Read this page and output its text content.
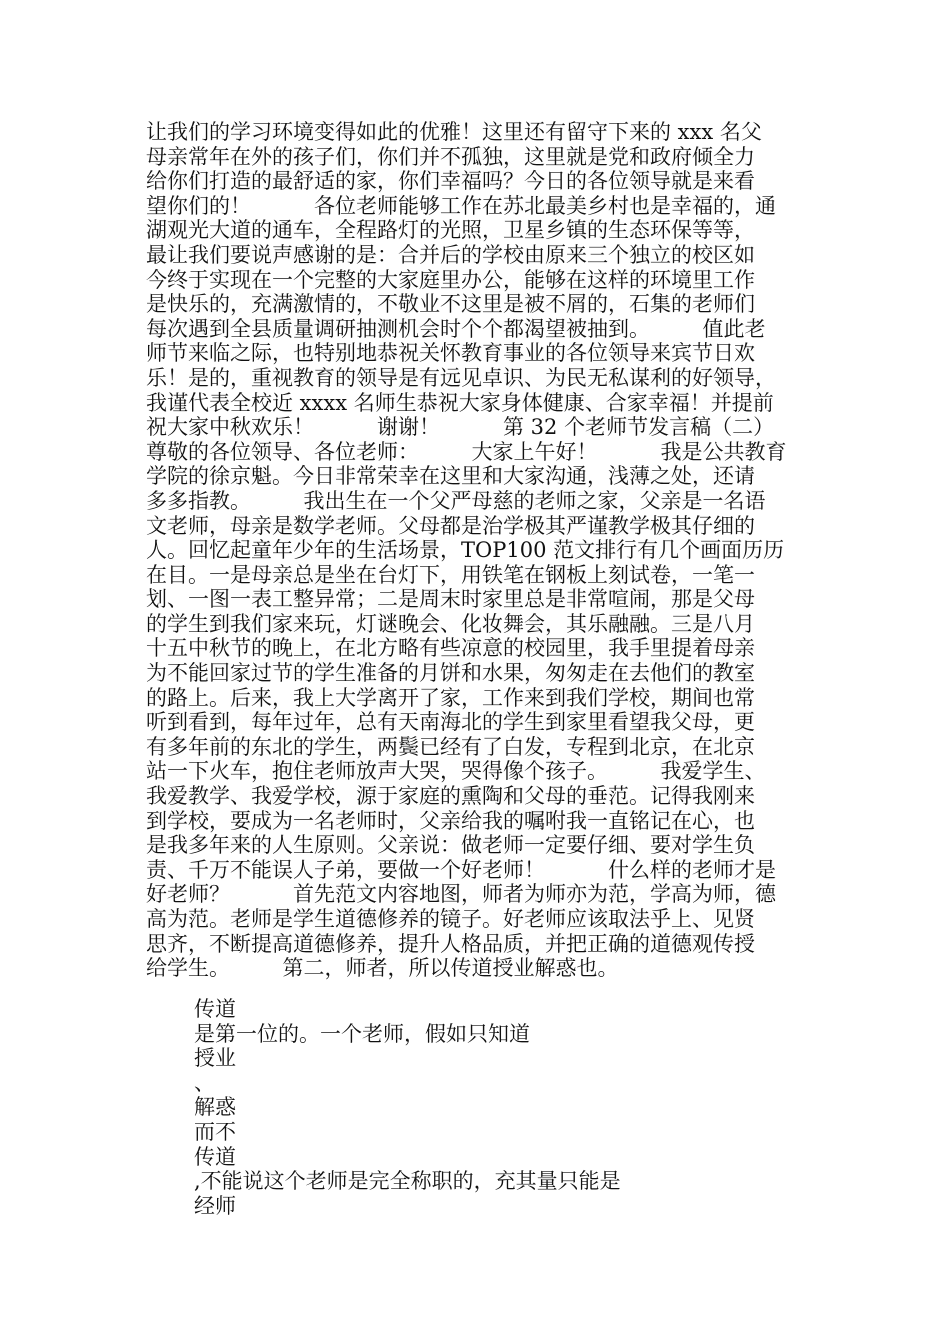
让我们的学习环境变得如此的优雅！这里还有留守下来的 xxx 名父
母亲常年在外的孩子们，你们并不孤独，这里就是党和政府倾全力
给你们打造的最舒适的家，你们幸福吗？今日的各位领导就是来看
望你们的！　　　各位老师能够工作在苏北最美乡村也是幸福的，通
湖观光大道的通车，全程路灯的光照，卫星乡镇的生态环保等等，
最让我们要说声感谢的是：合并后的学校由原来三个独立的校区如
今终于实现在一个完整的大家庭里办公，能够在这样的环境里工作
是快乐的，充满激情的，不敬业不这里是被不屑的，石集的老师们
每次遇到全县质量调研抽测机会时个个都渴望被抽到。　　　值此老
师节来临之际，也特别地恭祝关怀教育事业的各位领导来宾节日欢
乐！是的，重视教育的领导是有远见卓识、为民无私谋利的好领导，
我谨代表全校近 xxxx 名师生恭祝大家身体健康、合家幸福！并提前
祝大家中秋欢乐！　　　谢谢！　　　第 32 个老师节发言稿（二）
尊敬的各位领导、各位老师：　　　大家上午好！　　　我是公共教育
学院的徐京魁。今日非常荣幸在这里和大家沟通，浅薄之处，还请
多多指教。　　　我出生在一个父严母慈的老师之家，父亲是一名语
文老师，母亲是数学老师。父母都是治学极其严谨教学极其仔细的
人。回忆起童年少年的生活场景，TOP100 范文排行有几个画面历历
在目。一是母亲总是坐在台灯下，用铁笔在钢板上刻试卷，一笔一
划、一图一表工整异常；二是周末时家里总是非常喧闹，那是父母
的学生到我们家来玩，灯谜晚会、化妆舞会，其乐融融。三是八月
十五中秋节的晚上，在北方略有些凉意的校园里，我手里提着母亲
为不能回家过节的学生准备的月饼和水果，匆匆走在去他们的教室
的路上。后来，我上大学离开了家，工作来到我们学校，期间也常
听到看到，每年过年，总有天南海北的学生到家里看望我父母，更
有多年前的东北的学生，两鬓已经有了白发，专程到北京，在北京
站一下火车，抱住老师放声大哭，哭得像个孩子。　　　我爱学生、
我爱教学、我爱学校，源于家庭的熏陶和父母的垂范。记得我刚来
到学校，要成为一名老师时，父亲给我的嘱咐我一直铭记在心，也
是我多年来的人生原则。父亲说：做老师一定要仔细、要对学生负
责、千万不能误人子弟，要做一个好老师！　　　什么样的老师才是
好老师？　　　首先范文内容地图，师者为师亦为范，学高为师，德
高为范。老师是学生道德修养的镜子。好老师应该取法乎上、见贤
思齐，不断提高道德修养，提升人格品质，并把正确的道德观传授
给学生。　　　第二，师者，所以传道授业解惑也。
传道
是第一位的。一个老师，假如只知道
授业
、
解惑
而不
传道
,不能说这个老师是完全称职的，充其量只能是
经师
